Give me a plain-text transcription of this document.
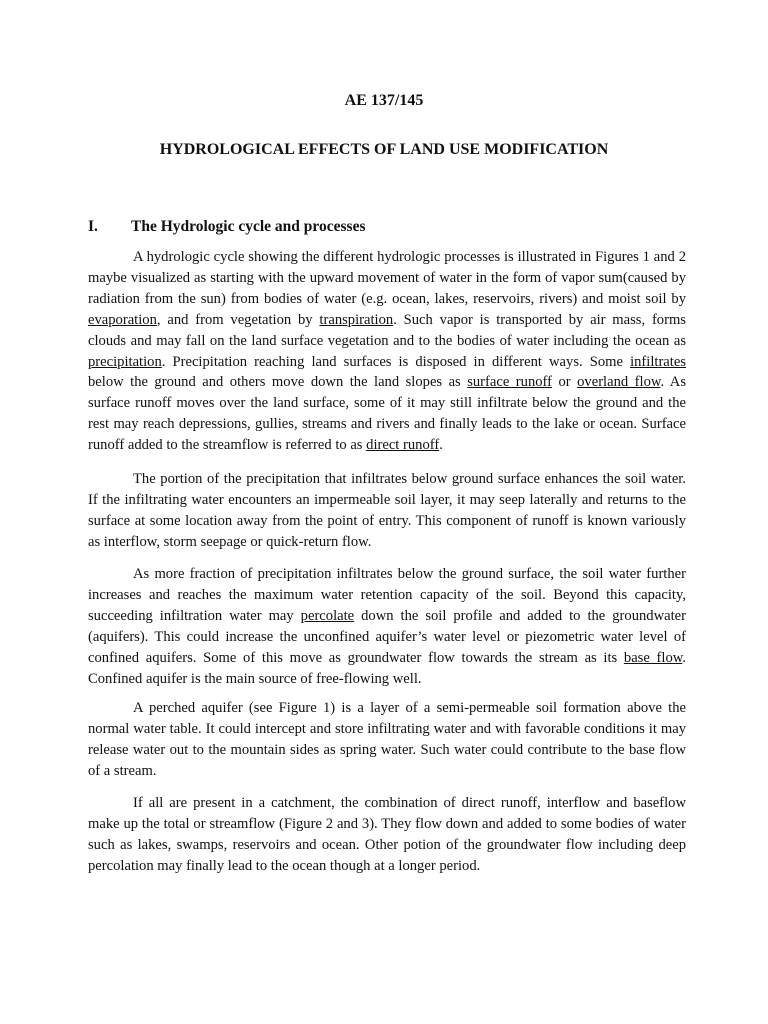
AE 137/145
HYDROLOGICAL EFFECTS OF LAND USE MODIFICATION
I. The Hydrologic cycle and processes

A hydrologic cycle showing the different hydrologic processes is illustrated in Figures 1 and 2 maybe visualized as starting with the upward movement of water in the form of vapor sum(caused by radiation from the sun) from bodies of water (e.g. ocean, lakes, reservoirs, rivers) and moist soil by evaporation, and from vegetation by transpiration. Such vapor is transported by air mass, forms clouds and may fall on the land surface vegetation and to the bodies of water including the ocean as precipitation. Precipitation reaching land surfaces is disposed in different ways. Some infiltrates below the ground and others move down the land slopes as surface runoff or overland flow. As surface runoff moves over the land surface, some of it may still infiltrate below the ground and the rest may reach depressions, gullies, streams and rivers and finally leads to the lake or ocean. Surface runoff added to the streamflow is referred to as direct runoff.

The portion of the precipitation that infiltrates below ground surface enhances the soil water. If the infiltrating water encounters an impermeable soil layer, it may seep laterally and returns to the surface at some location away from the point of entry. This component of runoff is known variously as interflow, storm seepage or quick-return flow.

As more fraction of precipitation infiltrates below the ground surface, the soil water further increases and reaches the maximum water retention capacity of the soil. Beyond this capacity, succeeding infiltration water may percolate down the soil profile and added to the groundwater (aquifers). This could increase the unconfined aquifer’s water level or piezometric water level of confined aquifers. Some of this move as groundwater flow towards the stream as its base flow. Confined aquifer is the main source of free-flowing well.

A perched aquifer (see Figure 1) is a layer of a semi-permeable soil formation above the normal water table. It could intercept and store infiltrating water and with favorable conditions it may release water out to the mountain sides as spring water. Such water could contribute to the base flow of a stream.

If all are present in a catchment, the combination of direct runoff, interflow and baseflow make up the total or streamflow (Figure 2 and 3). They flow down and added to some bodies of water such as lakes, swamps, reservoirs and ocean. Other potion of the groundwater flow including deep percolation may finally lead to the ocean though at a longer period.
